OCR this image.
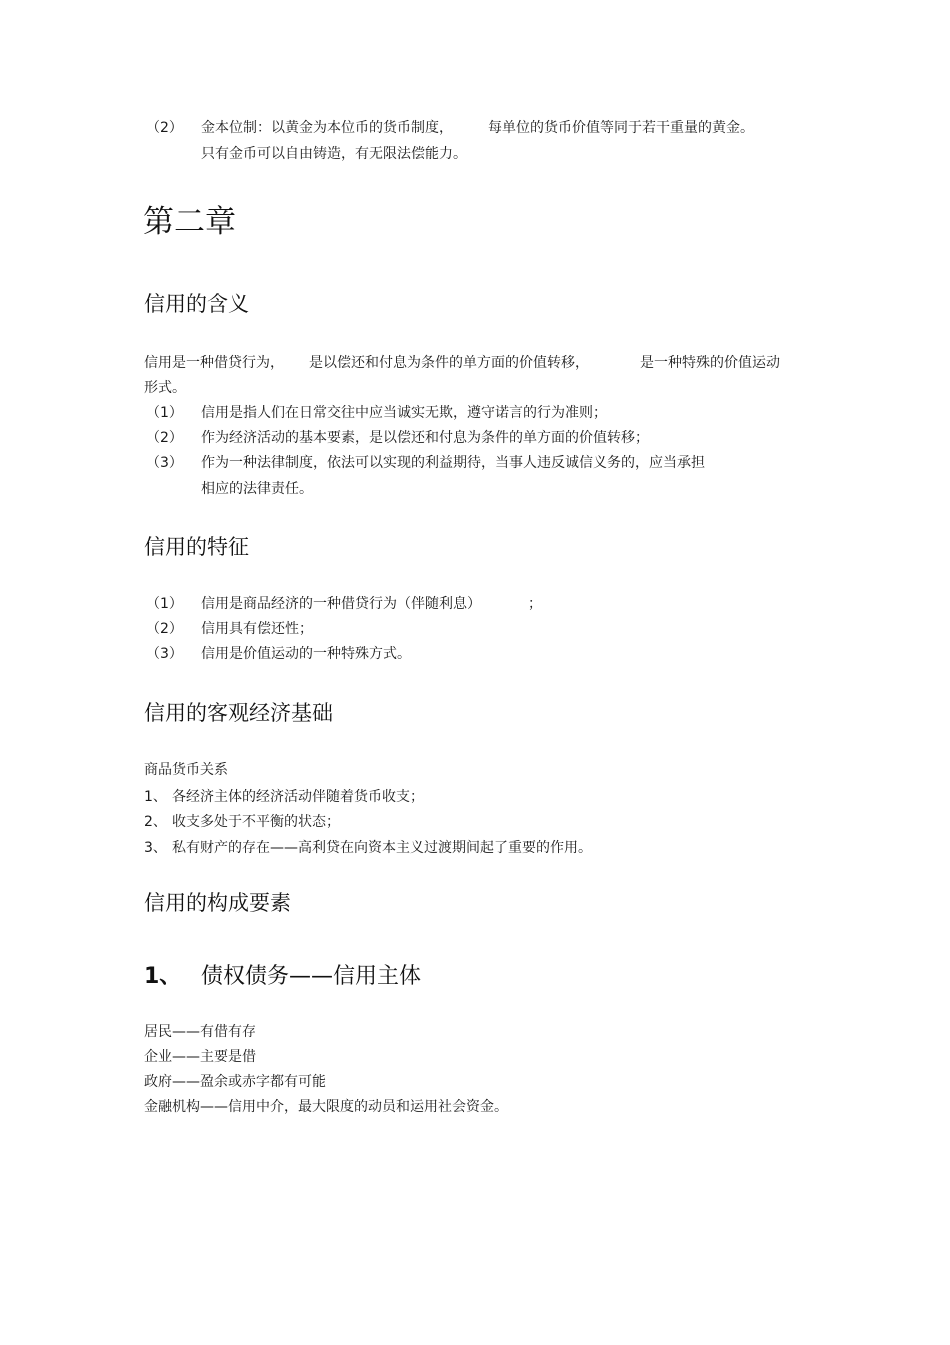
（2） 金本位制：以黄金为本位币的货币制度，	每单位的货币价值等同于若干重量的黄金。
只有金币可以自由铸造，有无限法偿能力。
第二章
信用的含义
信用是一种借贷行为， 是以偿还和付息为条件的单方面的价值转移，	是一种特殊的价值运动
形式。
（1） 信用是指人们在日常交往中应当诚实无欺，遵守诺言的行为准则；
（2） 作为经济活动的基本要素，是以偿还和付息为条件的单方面的价值转移；
（3） 作为一种法律制度，依法可以实现的利益期待，当事人违反诚信义务的，应当承担
相应的法律责任。
信用的特征
（1） 信用是商品经济的一种借贷行为（伴随利息）	；
（2） 信用具有偿还性；
（3） 信用是价值运动的一种特殊方式。
信用的客观经济基础
商品货币关系
1、 各经济主体的经济活动伴随着货币收支；
2、 收支多处于不平衡的状态；
3、 私有财产的存在——高利贷在向资本主义过渡期间起了重要的作用。
信用的构成要素
1、 债权债务——信用主体
居民——有借有存
企业——主要是借
政府——盈余或赤字都有可能
金融机构——信用中介，最大限度的动员和运用社会资金。
